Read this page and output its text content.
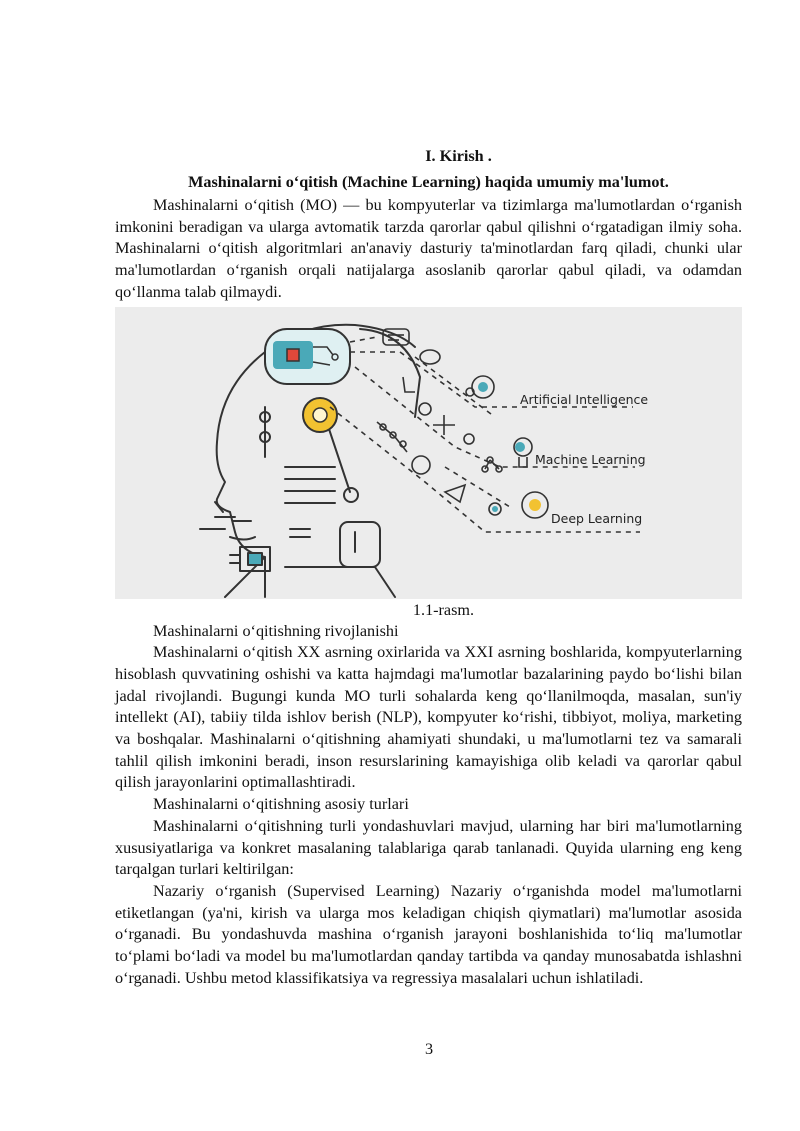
I. Kirish .
Mashinalarni o‘qitish (Machine Learning) haqida umumiy ma'lumot.

Mashinalarni o‘qitish (MO) — bu kompyuterlar va tizimlarga ma'lumotlardan o‘rganish imkonini beradigan va ularga avtomatik tarzda qarorlar qabul qilishni o‘rgatadigan ilmiy soha. Mashinalarni o‘qitish algoritmlari an'anaviy dasturiy ta'minotlardan farq qiladi, chunki ular ma'lumotlardan o‘rganish orqali natijalarga asoslanib qarorlar qabul qiladi, va odamdan qo‘llanma talab qilmaydi.

Artificial Intelligence
Machine Learning
Deep Learning
1.1-rasm.

Mashinalarni o‘qitishning rivojlanishi

Mashinalarni o‘qitish XX asrning oxirlarida va XXI asrning boshlarida, kompyuterlarning hisoblash quvvatining oshishi va katta hajmdagi ma'lumotlar bazalarining paydo bo‘lishi bilan jadal rivojlandi. Bugungi kunda MO turli sohalarda keng qo‘llanilmoqda, masalan, sun'iy intellekt (AI), tabiiy tilda ishlov berish (NLP), kompyuter ko‘rishi, tibbiyot, moliya, marketing va boshqalar. Mashinalarni o‘qitishning ahamiyati shundaki, u ma'lumotlarni tez va samarali tahlil qilish imkonini beradi, inson resurslarining kamayishiga olib keladi va qarorlar qabul qilish jarayonlarini optimallashtiradi.

Mashinalarni o‘qitishning asosiy turlari

Mashinalarni o‘qitishning turli yondashuvlari mavjud, ularning har biri ma'lumotlarning xususiyatlariga va konkret masalaning talablariga qarab tanlanadi. Quyida ularning eng keng tarqalgan turlari keltirilgan:

Nazariy o‘rganish (Supervised Learning) Nazariy o‘rganishda model ma'lumotlarni etiketlangan (ya'ni, kirish va ularga mos keladigan chiqish qiymatlari) ma'lumotlar asosida o‘rganadi. Bu yondashuvda mashina o‘rganish jarayoni boshlanishida to‘liq ma'lumotlar to‘plami bo‘ladi va model bu ma'lumotlardan qanday tartibda va qanday munosabatda ishlashni o‘rganadi. Ushbu metod klassifikatsiya va regressiya masalalari uchun ishlatiladi.

3
